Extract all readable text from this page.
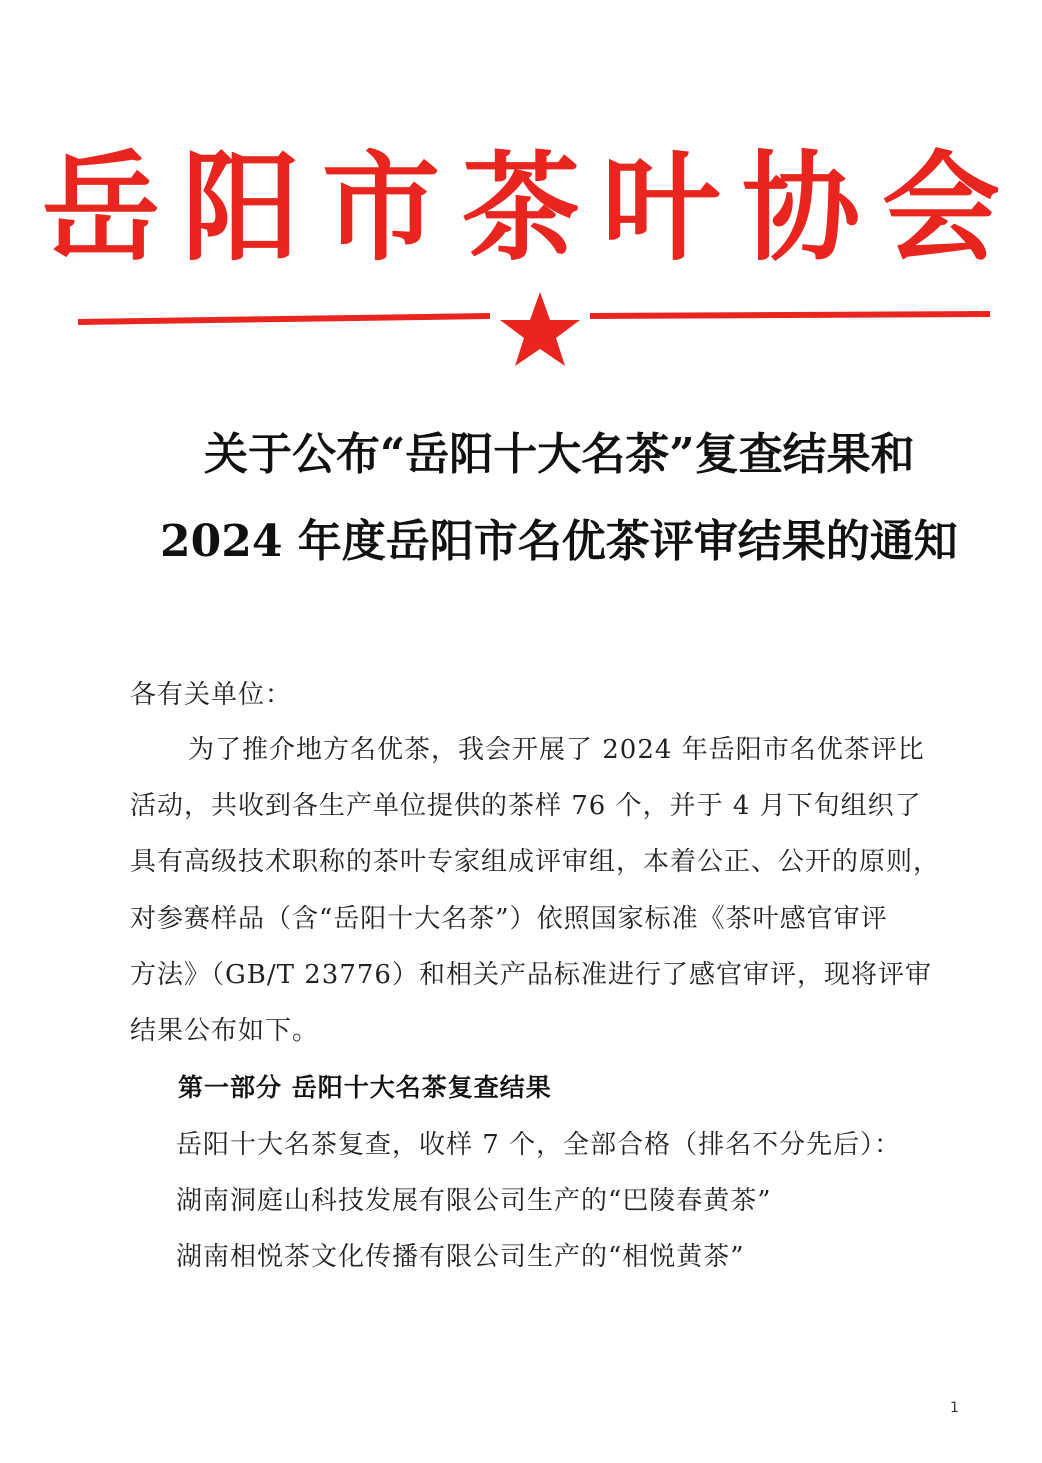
岳阳市茶叶协会
关于公布“岳阳十大名茶”复查结果和
2024 年度岳阳市名优茶评审结果的通知
各有关单位：
为了推介地方名优茶，我会开展了 2024 年岳阳市名优茶评比
活动，共收到各生产单位提供的茶样 76 个，并于 4 月下旬组织了
具有高级技术职称的茶叶专家组成评审组，本着公正、公开的原则，
对参赛样品（含“岳阳十大名茶”）依照国家标准《茶叶感官审评
方法》（GB/T 23776）和相关产品标准进行了感官审评，现将评审
结果公布如下。
第一部分 岳阳十大名茶复查结果
岳阳十大名茶复查，收样 7 个，全部合格（排名不分先后）：
湖南洞庭山科技发展有限公司生产的“巴陵春黄茶”
湖南相悦茶文化传播有限公司生产的“相悦黄茶”
1
